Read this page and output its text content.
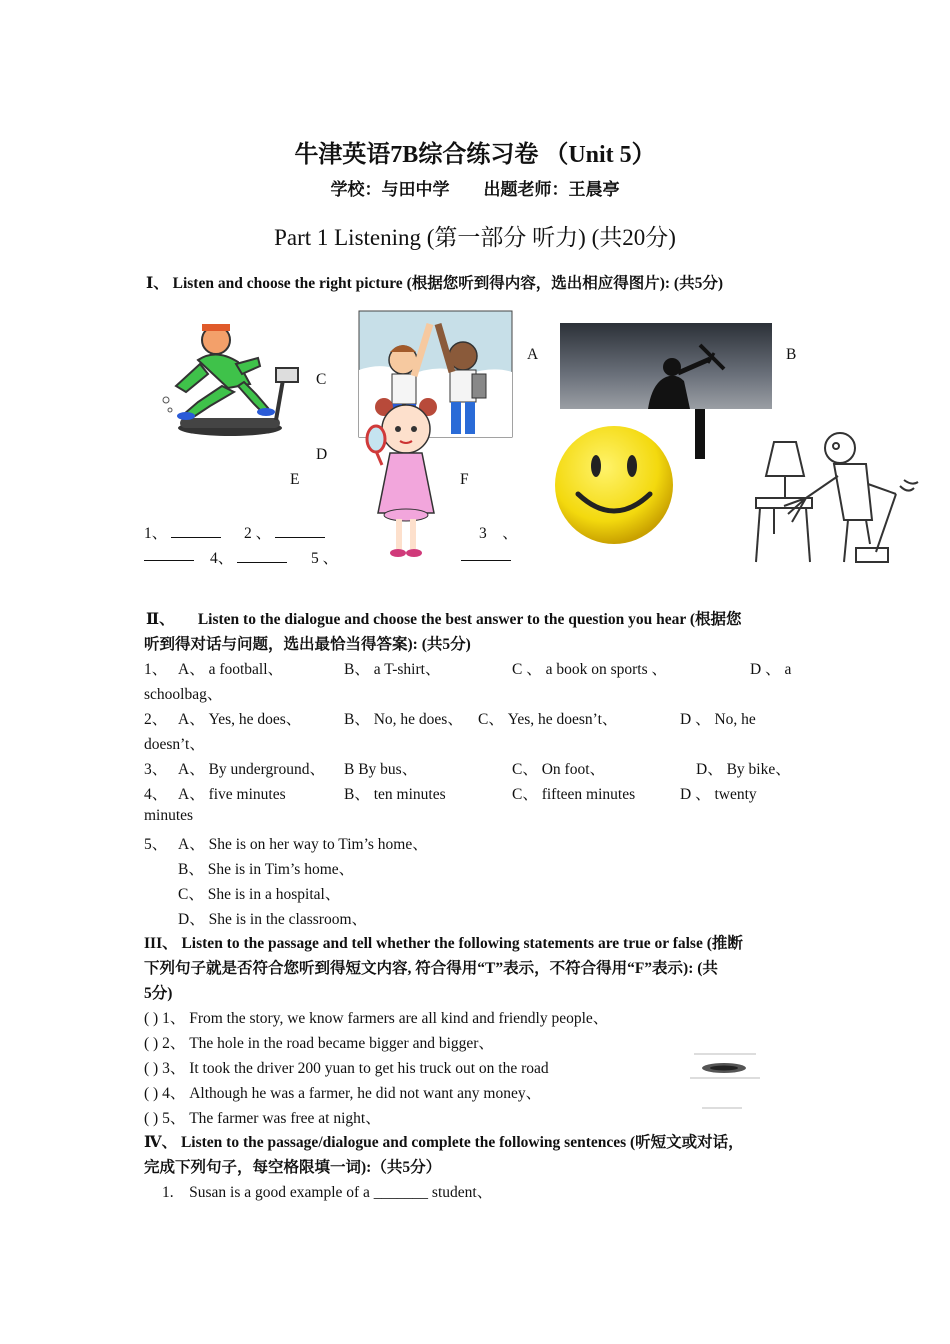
牛津英语7B综合练习卷 （Unit 5）
学校：与田中学　　出题老师：王晨亭
Part 1 Listening (第一部分 听力) (共20分)
Ⅰ、 Listen and choose the right picture (根据您听到得内容，选出相应得图片): (共5分)
C
A	B
D
E	F
1、	2 、	3　、
4、	5 、
Ⅱ、　　Listen to the dialogue and choose the best answer to the question you hear (根据您
听到得对话与问题，选出最恰当得答案): (共5分)
1、 A、 a football、	B、 a T-shirt、	C 、 a book on sports 、	D 、 a
schoolbag、
2、 A、 Yes, he does、	B、 No, he does、 C、 Yes, he doesn’t、	D 、 No, he
doesn’t、
3、 A、 By underground、 B By bus、	C、 On foot、	D、 By bike、
4、 A、 five minutes	B、 ten minutes	C、 fifteen minutes	D 、 twenty
minutes
5、 A、 She is on her way to Tim’s home、
B、 She is in Tim’s home、
C、 She is in a hospital、
D、 She is in the classroom、
III、 Listen to the passage and tell whether the following statements are true or false (推断
下列句子就是否符合您听到得短文内容, 符合得用“T”表示，不符合得用“F”表示): (共
5分)
( ) 1、 From the story, we know farmers are all kind and friendly people、
( ) 2、 The hole in the road became bigger and bigger、
( ) 3、 It took the driver 200 yuan to get his truck out on the road
( ) 4、 Although he was a farmer, he did not want any money、
( ) 5、 The farmer was free at night、
Ⅳ、 Listen to the passage/dialogue and complete the following sentences (听短文或对话，
完成下列句子，每空格限填一词):（共5分）
1.　Susan is a good example of a _______ student、
